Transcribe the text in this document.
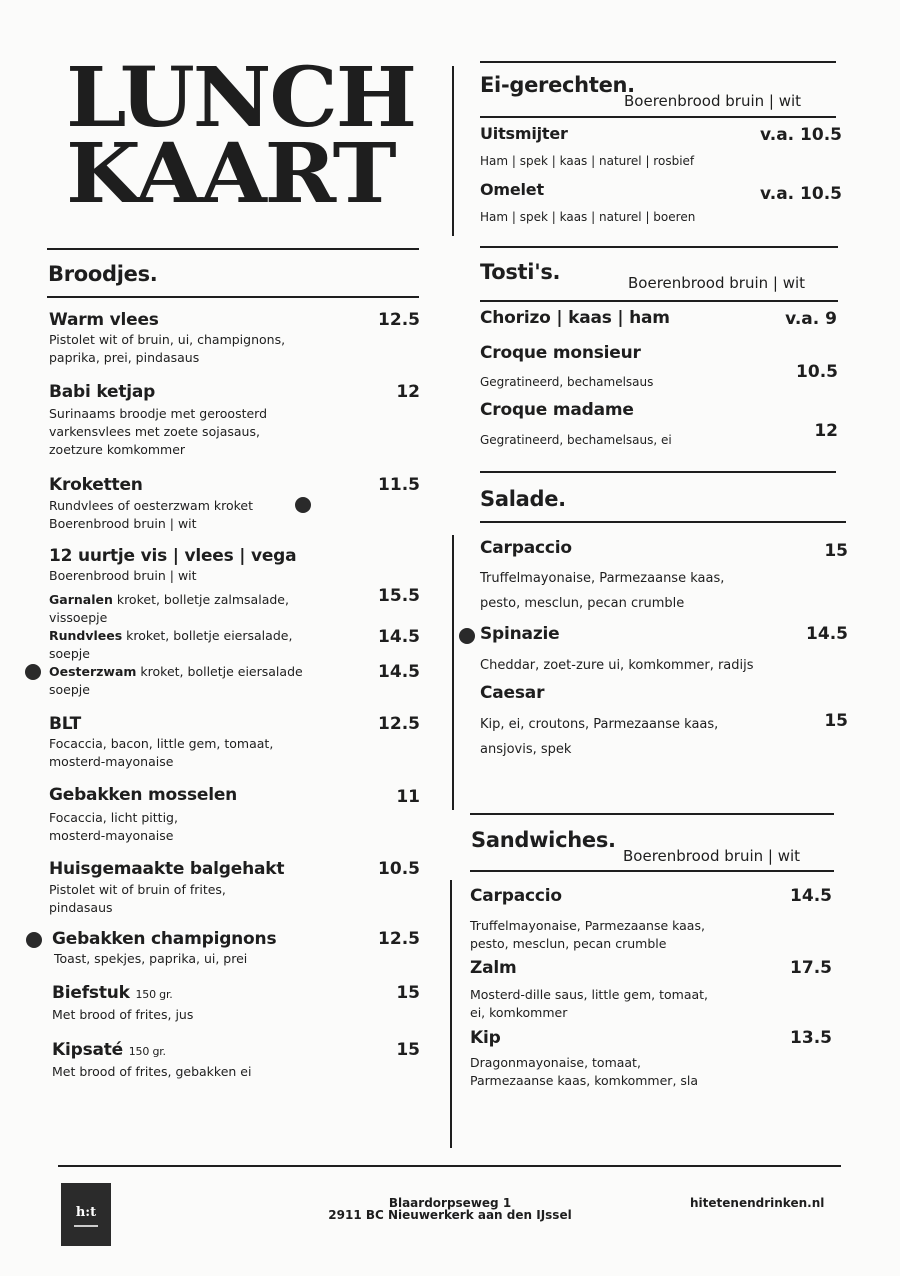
LUNCH
KAART
Broodjes.
Warm vlees	12.5
Pistolet wit of bruin, ui, champignons,
paprika, prei, pindasaus
Babi ketjap	12
Surinaams broodje met geroosterd
varkensvlees met zoete sojasaus,
zoetzure komkommer
Kroketten	11.5
Rundvlees of oesterzwam kroket
Boerenbrood bruin | wit
12 uurtje vis | vlees | vega
Boerenbrood bruin | wit
Garnalen kroket, bolletje zalmsalade,
vissoepje
15.5
Rundvlees kroket, bolletje eiersalade,
soepje
14.5
Oesterzwam kroket, bolletje eiersalade
soepje
14.5
BLT	12.5
Focaccia, bacon, little gem, tomaat,
mosterd-mayonaise
Gebakken mosselen	11
Focaccia, licht pittig,
mosterd-mayonaise
Huisgemaakte balgehakt	10.5
Pistolet wit of bruin of frites,
pindasaus
Gebakken champignons	12.5
Toast, spekjes, paprika, ui, prei
Biefstuk 150 gr.	15
Met brood of frites, jus
Kipsaté 150 gr.	15
Met brood of frites, gebakken ei
Ei-gerechten.
Boerenbrood bruin | wit
Uitsmijter	v.a. 10.5
Ham | spek | kaas | naturel | rosbief
Omelet	v.a. 10.5
Ham | spek | kaas | naturel | boeren
Tosti's.	Boerenbrood bruin | wit
Chorizo | kaas | ham	v.a. 9
Croque monsieur
Gegratineerd, bechamelsaus	10.5
Croque madame
Gegratineerd, bechamelsaus, ei	12
Salade.
Carpaccio	15
Truffelmayonaise, Parmezaanse kaas,
pesto, mesclun, pecan crumble
Spinazie	14.5
Cheddar, zoet-zure ui, komkommer, radijs
Caesar
15
Kip, ei, croutons, Parmezaanse kaas,
ansjovis, spek
Sandwiches.
Boerenbrood bruin | wit
Carpaccio	14.5
Truffelmayonaise, Parmezaanse kaas,
pesto, mesclun, pecan crumble
Zalm	17.5
Mosterd-dille saus, little gem, tomaat,
ei, komkommer
Kip	13.5
Dragonmayonaise, tomaat,
Parmezaanse kaas, komkommer, sla
h:t
Blaardorpseweg 1
2911 BC Nieuwerkerk aan den IJssel
hitetenendrinken.nl
